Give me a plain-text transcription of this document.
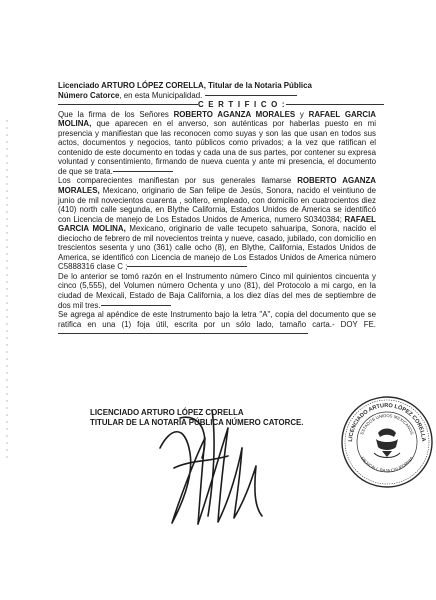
Licenciado ARTURO LÓPEZ CORELLA, Titular de la Notaria Pública
Número Catorce, en esta Municipalidad.

C E R T I F I C O :

Que la firma de los Señores ROBERTO AGANZA MORALES y RAFAEL GARCIA MOLINA, que aparecen en el anverso, son auténticas por haberlas puesto en mi presencia y manifiestan que las reconocen como suyas y son las que usan en todos sus actos, documentos y negocios, tanto públicos como privados; a la vez que ratifican el contenido de este documento en todas y cada una de sus partes, por contener su expresa voluntad y consentimiento, firmando de nueva cuenta y ante mi presencia, el documento de que se trata.

Los comparecientes manifiestan por sus generales llamarse ROBERTO AGANZA MORALES, Mexicano, originario de San felipe de Jesús, Sonora, nacido el veintiuno de junio de mil novecientos cuarenta , soltero, empleado, con domicilio en cuatrocientos diez (410) north calle segunda, en Blythe California, Estados Unidos de America se identificó con Licencia de manejo de Los Estados Unidos de America, numero S0340384; RAFAEL GARCIA MOLINA, Mexicano, originario de valle tecupeto sahuaripa, Sonora, nacido el dieciocho de febrero de mil novecientos treinta y nueve, casado, jubilado, con domicilio en trescientos sesenta y uno (361) calle ocho (8), en Blythe, California, Estados Unidos de America, se identificó con Licencia de manejo de Los Estados Unidos de America número C5888316 clase C ;

De lo anterior se tomó razón en el Instrumento número Cinco mil quinientos cincuenta y cinco (5,555), del Volumen número Ochenta y uno (81), del Protocolo a mi cargo, en la ciudad de Mexicali, Estado de Baja California, a los diez días del mes de septiembre de dos mil tres.

Se agrega al apéndice de este Instrumento bajo la letra "A", copia del documento que se ratifica en una (1) foja útil, escrita por un sólo lado, tamaño carta.- DOY FE.

LICENCIADO ARTURO LÓPEZ CORELLA
TITULAR DE LA NOTARIA PÚBLICA NÚMERO CATORCE.
LICENCIADO ARTURO LÓPEZ CORELLA
ESTADOS UNIDOS MEXICANOS
MEXICALI, BAJA CALIFORNIA
